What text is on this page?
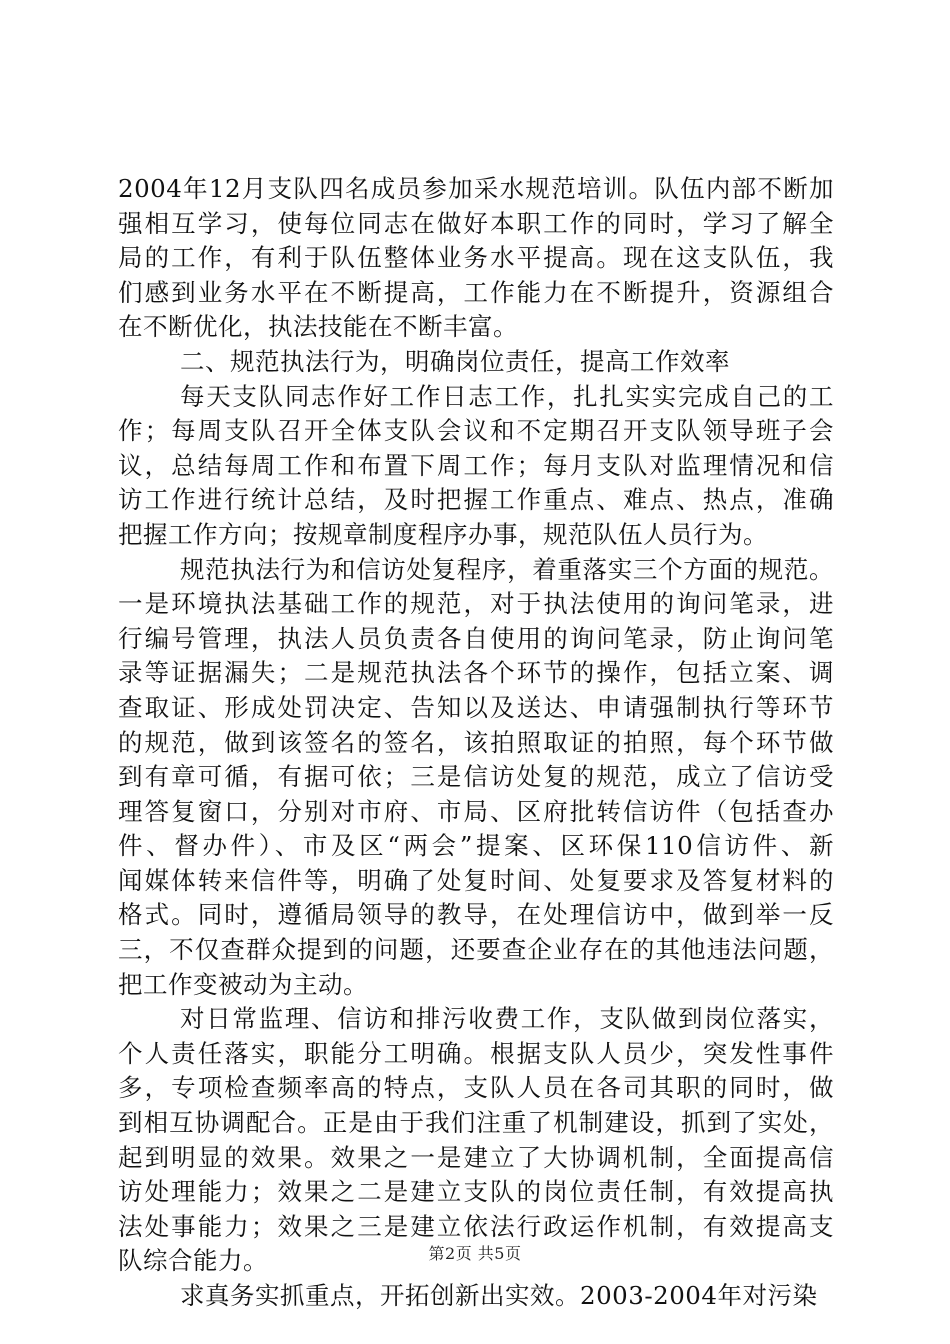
2004年12月支队四名成员参加采水规范培训。队伍内部不断加
强相互学习，使每位同志在做好本职工作的同时，学习了解全
局的工作，有利于队伍整体业务水平提高。现在这支队伍，我
们感到业务水平在不断提高，工作能力在不断提升，资源组合
在不断优化，执法技能在不断丰富。
二、规范执法行为，明确岗位责任，提高工作效率
每天支队同志作好工作日志工作，扎扎实实完成自己的工
作；每周支队召开全体支队会议和不定期召开支队领导班子会
议，总结每周工作和布置下周工作；每月支队对监理情况和信
访工作进行统计总结，及时把握工作重点、难点、热点，准确
把握工作方向；按规章制度程序办事，规范队伍人员行为。
规范执法行为和信访处复程序，着重落实三个方面的规范。
一是环境执法基础工作的规范，对于执法使用的询问笔录，进
行编号管理，执法人员负责各自使用的询问笔录，防止询问笔
录等证据漏失；二是规范执法各个环节的操作，包括立案、调
查取证、形成处罚决定、告知以及送达、申请强制执行等环节
的规范，做到该签名的签名，该拍照取证的拍照，每个环节做
到有章可循，有据可依；三是信访处复的规范，成立了信访受
理答复窗口，分别对市府、市局、区府批转信访件（包括查办
件、督办件）、市及区“两会”提案、区环保110信访件、新
闻媒体转来信件等，明确了处复时间、处复要求及答复材料的
格式。同时，遵循局领导的教导，在处理信访中，做到举一反
三，不仅查群众提到的问题，还要查企业存在的其他违法问题，
把工作变被动为主动。
对日常监理、信访和排污收费工作，支队做到岗位落实，
个人责任落实，职能分工明确。根据支队人员少，突发性事件
多，专项检查频率高的特点，支队人员在各司其职的同时，做
到相互协调配合。正是由于我们注重了机制建设，抓到了实处，
起到明显的效果。效果之一是建立了大协调机制，全面提高信
访处理能力；效果之二是建立支队的岗位责任制，有效提高执
法处事能力；效果之三是建立依法行政运作机制，有效提高支
队综合能力。
求真务实抓重点，开拓创新出实效。2003-2004年对污染
第2页 共5页
